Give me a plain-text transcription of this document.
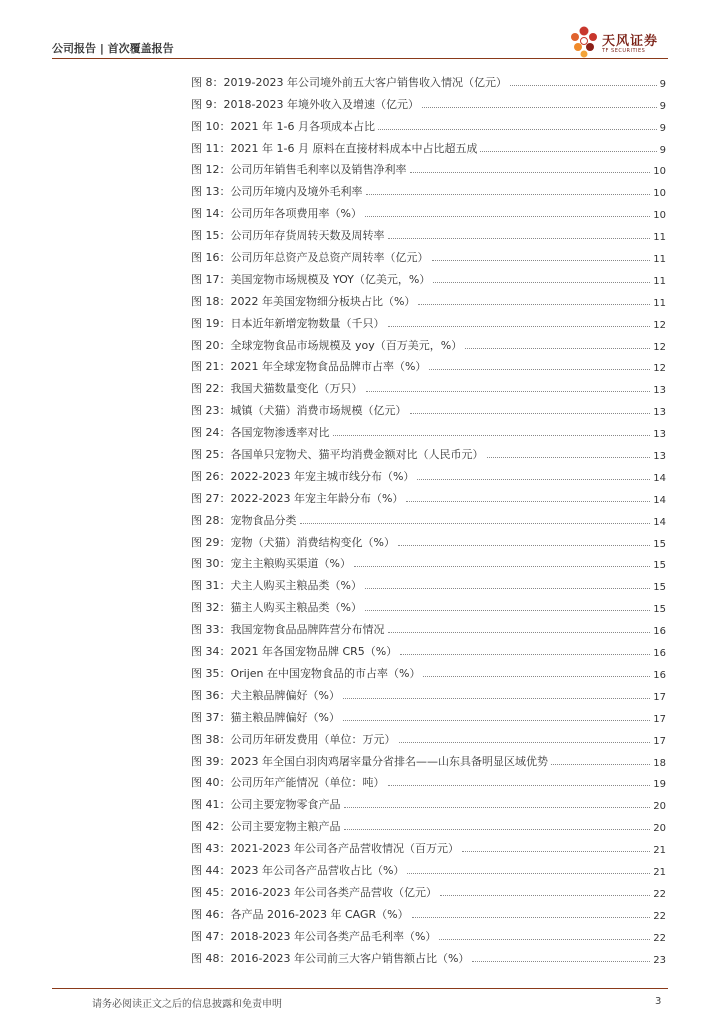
公司报告 | 首次覆盖报告	天风证券
TF SECURITIES
图 8：2019-2023 年公司境外前五大客户销售收入情况（亿元）	9
图 9：2018-2023 年境外收入及增速（亿元）	9
图 10：2021 年 1-6 月各项成本占比	9
图 11：2021 年 1-6 月 原料在直接材料成本中占比超五成	9
图 12：公司历年销售毛利率以及销售净利率	10
图 13：公司历年境内及境外毛利率	10
图 14：公司历年各项费用率（%）	10
图 15：公司历年存货周转天数及周转率	11
图 16：公司历年总资产及总资产周转率（亿元）	11
图 17：美国宠物市场规模及 YOY（亿美元，%）	11
图 18：2022 年美国宠物细分板块占比（%）	11
图 19：日本近年新增宠物数量（千只）	12
图 20：全球宠物食品市场规模及 yoy（百万美元，%）	12
图 21：2021 年全球宠物食品品牌市占率（%）	12
图 22：我国犬猫数量变化（万只）	13
图 23：城镇（犬猫）消费市场规模（亿元）	13
图 24：各国宠物渗透率对比	13
图 25：各国单只宠物犬、猫平均消费金额对比（人民币元）	13
图 26：2022-2023 年宠主城市线分布（%）	14
图 27：2022-2023 年宠主年龄分布（%）	14
图 28：宠物食品分类	14
图 29：宠物（犬猫）消费结构变化（%）	15
图 30：宠主主粮购买渠道（%）	15
图 31：犬主人购买主粮品类（%）	15
图 32：猫主人购买主粮品类（%）	15
图 33：我国宠物食品品牌阵营分布情况	16
图 34：2021 年各国宠物品牌 CR5（%）	16
图 35：Orijen 在中国宠物食品的市占率（%）	16
图 36：犬主粮品牌偏好（%）	17
图 37：猫主粮品牌偏好（%）	17
图 38：公司历年研发费用（单位：万元）	17
图 39：2023 年全国白羽肉鸡屠宰量分省排名——山东具备明显区域优势	18
图 40：公司历年产能情况（单位：吨）	19
图 41：公司主要宠物零食产品	20
图 42：公司主要宠物主粮产品	20
图 43：2021-2023 年公司各产品营收情况（百万元）	21
图 44：2023 年公司各产品营收占比（%）	21
图 45：2016-2023 年公司各类产品营收（亿元）	22
图 46：各产品 2016-2023 年 CAGR（%）	22
图 47：2018-2023 年公司各类产品毛利率（%）	22
图 48：2016-2023 年公司前三大客户销售额占比（%）	23
请务必阅读正文之后的信息披露和免责申明	3
